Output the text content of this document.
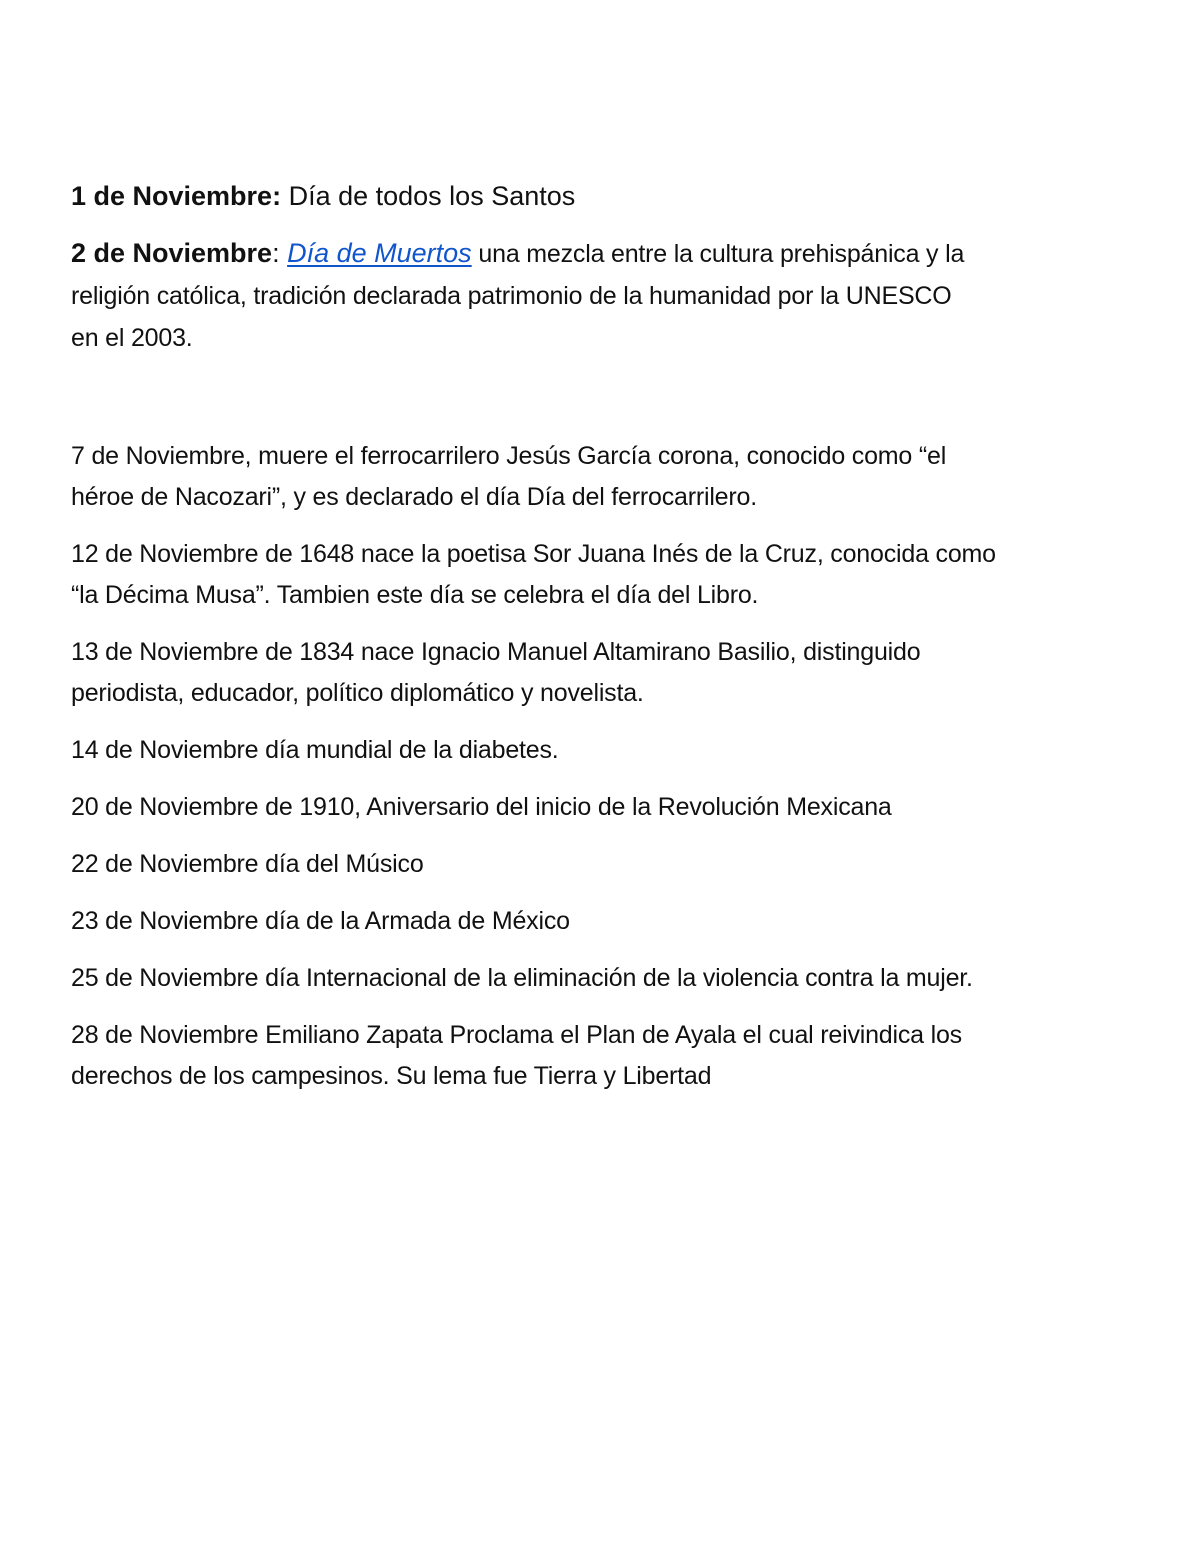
1 de Noviembre: Día de todos los Santos

2 de Noviembre: Día de Muertos una mezcla entre la cultura prehispánica y la
religión católica, tradición declarada patrimonio de la humanidad por la UNESCO
en el 2003.

7 de Noviembre, muere el ferrocarrilero Jesús García corona, conocido como “el
héroe de Nacozari”, y es declarado el día Día del ferrocarrilero.

12 de Noviembre de 1648 nace la poetisa Sor Juana Inés de la Cruz, conocida como
“la Décima Musa”. Tambien este día se celebra el día del Libro.

13 de Noviembre de 1834 nace Ignacio Manuel Altamirano Basilio, distinguido
periodista, educador, político diplomático y novelista.

14 de Noviembre día mundial de la diabetes.

20 de Noviembre de 1910, Aniversario del inicio de la Revolución Mexicana

22 de Noviembre día del Músico

23 de Noviembre día de la Armada de México

25 de Noviembre día Internacional de la eliminación de la violencia contra la mujer.

28 de Noviembre Emiliano Zapata Proclama el Plan de Ayala el cual reivindica los
derechos de los campesinos. Su lema fue Tierra y Libertad
